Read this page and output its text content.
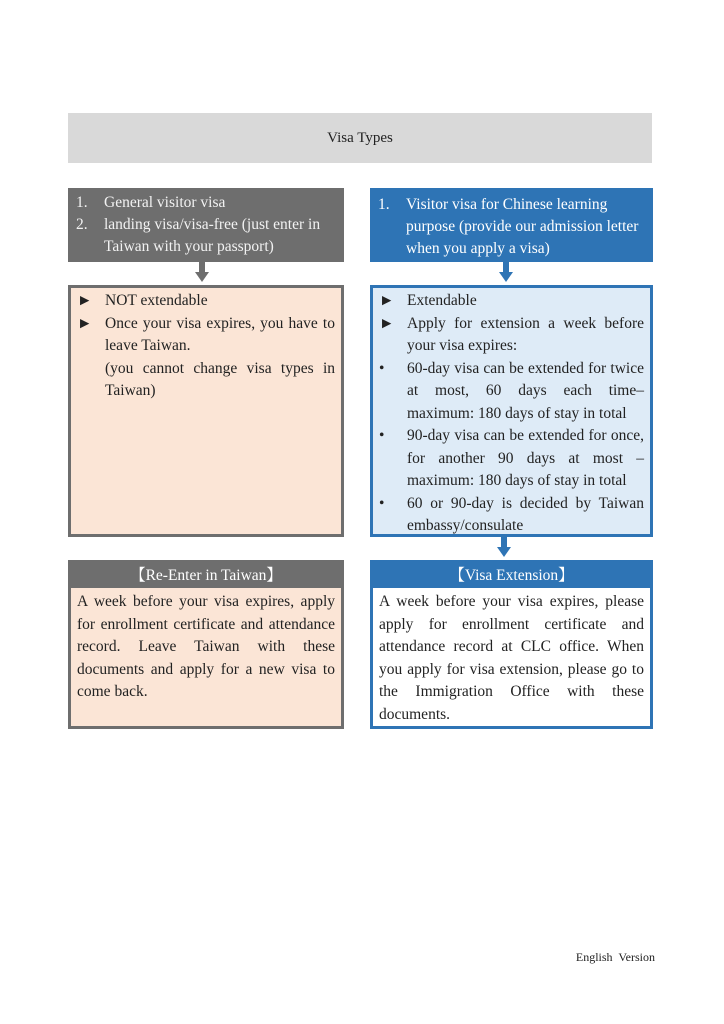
Visa Types
1.	General visitor visa
2.	landing visa/visa-free (just enter in Taiwan with your passport)
1.	Visitor visa for Chinese learning purpose (provide our admission letter when you apply a visa)
► NOT extendable
► Once your visa expires, you have to leave Taiwan.
(you cannot change visa types in Taiwan)
► Extendable
► Apply for extension a week before your visa expires:
•	60-day visa can be extended for twice at most, 60 days each time– maximum: 180 days of stay in total
•	90-day visa can be extended for once, for another 90 days at most – maximum: 180 days of stay in total
•	60 or 90-day is decided by Taiwan embassy/consulate
【Re-Enter in Taiwan】	【Visa Extension】
A week before your visa expires, apply for enrollment certificate and attendance record. Leave Taiwan with these documents and apply for a new visa to come back.
A week before your visa expires, please apply for enrollment certificate and attendance record at CLC office. When you apply for visa extension, please go to the Immigration Office with these documents.
English Version
